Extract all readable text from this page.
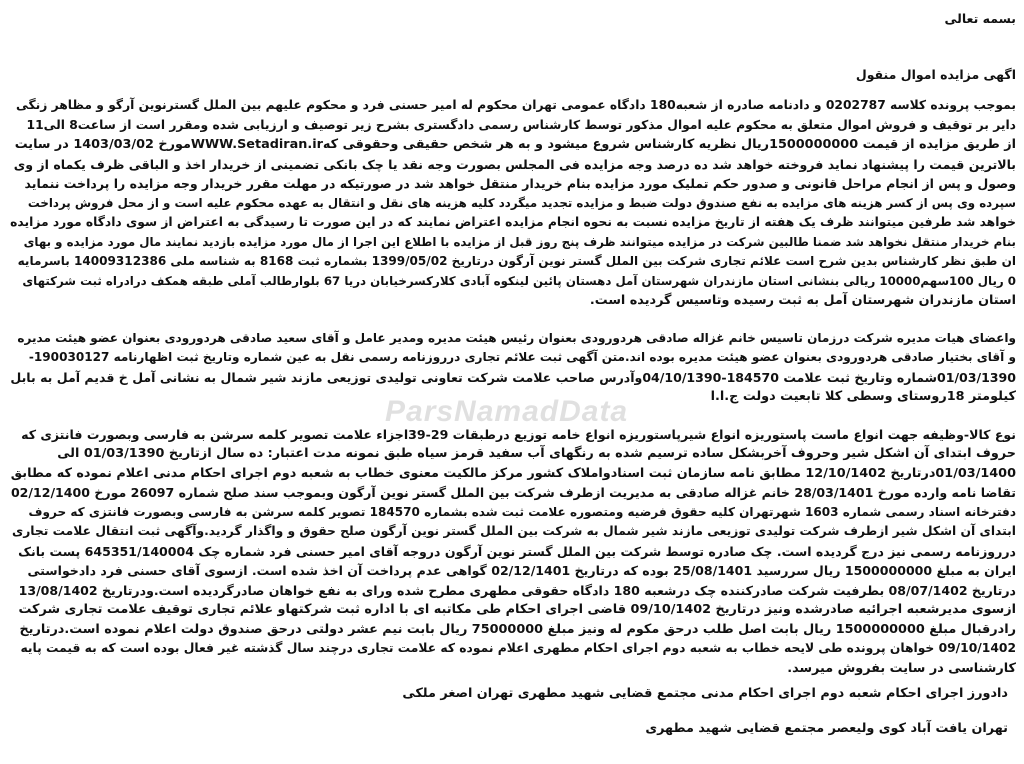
بسمه تعالی
اگهی مزایده اموال منقول
بموجب پرونده کلاسه 0202787 و دادنامه صادره از شعبه180 دادگاه عمومی تهران محکوم له امیر حسنی فرد و محکوم علیهم بین الملل گسترنوین آرگو و مظاهر زنگی
دایر بر توقیف و فروش اموال متعلق به محکوم علیه اموال مذکور توسط کارشناس رسمی دادگستری بشرح زیر توصیف و ارزیابی شده ومقرر است از ساعت8 الی11
از طریق مزایده از قیمت 1500000000ریال نظریه کارشناس شروع میشود و به هر شخص حقیقی وحقوقی کهWWW.Setadiran.irمورخ 1403/03/02 در سایت
بالاترین قیمت را پیشنهاد نماید فروخته خواهد شد ده درصد وجه مزایده فی المجلس بصورت وجه نقد یا چک بانکی تضمینی از خریدار اخذ و الباقی ظرف یکماه از وی
وصول و پس از انجام مراحل قانونی و صدور حکم تملیک مورد مزایده بنام خریدار منتقل خواهد شد در صورتیکه در مهلت مقرر خریدار وجه مزایده را پرداخت ننماید
سپرده وی پس از کسر هزینه های مزایده به نفع صندوق دولت ضبط و مزایده تجدید میگردد کلیه هزینه های نقل و انتقال به عهده محکوم علیه است و از محل فروش پرداخت
خواهد شد طرفین میتوانند ظرف یک هفته از تاریخ مزایده نسبت به نحوه انجام مزایده اعتراض نمایند که در این صورت تا رسیدگی به اعتراض از سوی دادگاه مورد مزایده
بنام خریدار منتقل نخواهد شد ضمنا طالبین شرکت در مزایده میتوانند ظرف پنج روز قبل از مزایده با اطلاع این اجرا از مال مورد مزایده بازدید نمایند مال مورد مزایده و بهای
ان طبق نظر کارشناس بدین شرح است علائم تجاری شرکت بین الملل گستر نوین آرگون درتاریخ 1399/05/02 بشماره ثبت 8168 به شناسه ملی 14009312386 باسرمایه
0 ریال 100سهم10000 ریالی بنشانی استان مازندران شهرستان آمل دهستان پائین لینکوه آبادی کلارکسرخیابان دریا 67 بلوارطالب آملی طبقه همکف درادراه ثبت شرکتهای
استان مازندران شهرستان آمل به ثبت رسیده وتاسیس گردیده است.
واعضای هیات مدیره شرکت درزمان تاسیس خانم غزاله صادقی هردورودی بعنوان رئیس هیئت مدیره ومدیر عامل و آقای سعید صادقی هردورودی بعنوان عضو هیئت مدیره
و آقای بختیار صادقی هردورودی بعنوان عضو هیئت مدیره بوده اند.متن آگهی ثبت علائم تجاری درروزنامه رسمی نقل به عین شماره وتاریخ ثبت اظهارنامه 190030127-
01/03/1390شماره وتاریخ ثبت علامت 184570-04/10/1390وآدرس صاحب علامت شرکت تعاونی تولیدی توزیعی مازند شیر شمال به نشانی آمل خ قدیم آمل به بابل
کیلومتر 18روستای وسطی کلا تابعیت دولت ج.ا.ا
نوع کالا-وظیفه جهت انواع ماست پاستوریزه انواع شیرپاستوریزه انواع خامه توزیع درطبقات 29-39اجزاء علامت تصویر کلمه سرشن به فارسی وبصورت فانتزی که
حروف ابتدای آن اشکل شیر وحروف آخربشکل ساده ترسیم شده به رنگهای آب سفید قرمز سیاه طبق نمونه مدت اعتبار: ده سال ازتاریخ 01/03/1390 الی
01/03/1400درتاریخ 12/10/1402 مطابق نامه سازمان ثبت اسنادواملاک کشور مرکز مالکیت معنوی خطاب به شعبه دوم اجرای احکام مدنی اعلام نموده که مطابق
تقاضا نامه وارده مورخ 28/03/1401 خانم غزاله صادقی به مدیریت ازطرف شرکت بین الملل گستر نوین آرگون وبموجب سند صلح شماره 26097 مورخ 02/12/1400
دفترخانه اسناد رسمی شماره 1603 شهرتهران کلیه حقوق فرضیه ومتصوره علامت ثبت شده بشماره 184570 تصویر کلمه سرشن به فارسی وبصورت فانتزی که حروف
ابتدای آن اشکل شیر ازطرف شرکت تولیدی توزیعی مازند شیر شمال به شرکت بین الملل گستر نوین آرگون صلح حقوق و واگذار گردید.وآگهی ثبت انتقال علامت تجاری
درروزنامه رسمی نیز درج گردیده است. چک صادره توسط شرکت بین الملل گستر نوین آرگون دروجه آقای امیر حسنی فرد شماره چک 645351/140004 پست بانک
ایران به مبلغ 1500000000 ریال سررسید 25/08/1401 بوده که درتاریخ 02/12/1401 گواهی عدم پرداخت آن اخذ شده است. ازسوی آقای حسنی فرد دادخواستی
درتاریخ 08/07/1402 بطرفیت شرکت صادرکننده چک درشعبه 180 دادگاه حقوقی مطهری مطرح شده ورای به نفع خواهان صادرگردیده است.ودرتاریخ 13/08/1402
ازسوی مدیرشعبه اجرائیه صادرشده ونیز درتاریخ 09/10/1402 قاضی اجرای احکام طی مکاتبه ای با اداره ثبت شرکتهاو علائم تجاری توقیف علامت تجاری شرکت
رادرقبال مبلغ 1500000000 ریال بابت اصل طلب درحق مکوم له ونیز مبلغ 75000000 ریال بابت نیم عشر دولتی درحق صندوق دولت اعلام نموده است.درتاریخ
09/10/1402 خواهان پرونده طی لایحه خطاب به شعبه دوم اجرای احکام مطهری اعلام نموده که علامت تجاری درچند سال گذشته غیر فعال بوده است که به قیمت پایه
کارشناسی در سایت بفروش میرسد.
دادورز اجرای احکام شعبه دوم اجرای احکام مدنی مجتمع قضایی شهید مطهری تهران اصغر ملکی
تهران یافت آباد کوی ولیعصر مجتمع قضایی شهید مطهری
ParsNamadData
